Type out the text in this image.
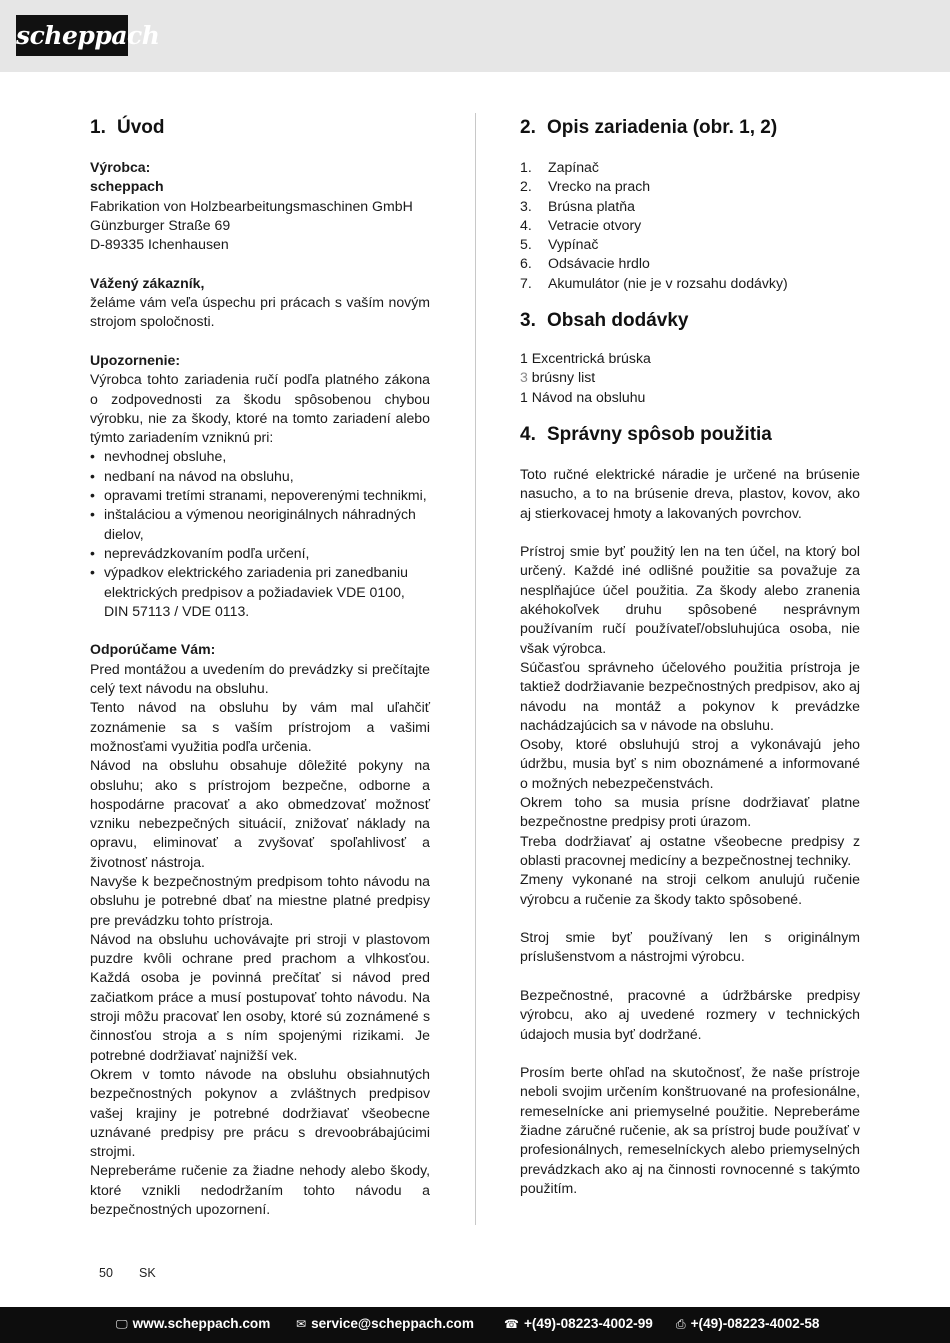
scheppach
1. Úvod
Výrobca:
scheppach
Fabrikation von Holzbearbeitungsmaschinen GmbH
Günzburger Straße 69
D-89335 Ichenhausen
Vážený zákazník,
želáme vám veľa úspechu pri prácach s vaším novým strojom spoločnosti.
Upozornenie:
Výrobca tohto zariadenia ručí podľa platného zákona o zodpovednosti za škodu spôsobenou chybou výrobku, nie za škody, ktoré na tomto zariadení alebo týmto zariadením vzniknú pri:
• nevhodnej obsluhe,
• nedbaní na návod na obsluhu,
• opravami tretími stranami, nepoverenými technikmi,
• inštaláciou a výmenou neoriginálnych náhradných dielov,
• neprevádzkovaním podľa určení,
• výpadkov elektrického zariadenia pri zanedbaniu elektrických predpisov a požiadaviek VDE 0100, DIN 57113 / VDE 0113.
Odporúčame Vám:
Pred montážou a uvedením do prevádzky si prečítajte celý text návodu na obsluhu.
Tento návod na obsluhu by vám mal uľahčiť zoznámenie sa s vaším prístrojom a vašimi možnosťami využitia podľa určenia.
Návod na obsluhu obsahuje dôležité pokyny na obsluhu; ako s prístrojom bezpečne, odborne a hospodárne pracovať a ako obmedzovať možnosť vzniku nebezpečných situácií, znižovať náklady na opravu, eliminovať a zvyšovať spoľahlivosť a životnosť nástroja.
Navyše k bezpečnostným predpisom tohto návodu na obsluhu je potrebné dbať na miestne platné predpisy pre prevádzku tohto prístroja.
Návod na obsluhu uchovávajte pri stroji v plastovom puzdre kvôli ochrane pred prachom a vlhkosťou. Každá osoba je povinná prečítať si návod pred začiatkom práce a musí postupovať tohto návodu. Na stroji môžu pracovať len osoby, ktoré sú zoznámené s činnosťou stroja a s ním spojenými rizikami. Je potrebné dodržiavať najnižší vek.
Okrem v tomto návode na obsluhu obsiahnutých bezpečnostných pokynov a zvláštnych predpisov vašej krajiny je potrebné dodržiavať všeobecne uznávané predpisy pre prácu s drevoobrábajúcimi strojmi.
Nepreberáme ručenie za žiadne nehody alebo škody, ktoré vznikli nedodržaním tohto návodu a bezpečnostných upozornení.
2. Opis zariadenia (obr. 1, 2)
1. Zapínač
2. Vrecko na prach
3. Brúsna platňa
4. Vetracie otvory
5. Vypínač
6. Odsávacie hrdlo
7. Akumulátor (nie je v rozsahu dodávky)
3. Obsah dodávky
1 Excentrická brúska
3 brúsny list
1 Návod na obsluhu
4. Správny spôsob použitia
Toto ručné elektrické náradie je určené na brúsenie nasucho, a to na brúsenie dreva, plastov, kovov, ako aj stierkovacej hmoty a lakovaných povrchov.
Prístroj smie byť použitý len na ten účel, na ktorý bol určený. Každé iné odlišné použitie sa považuje za nesplňajúce účel použitia. Za škody alebo zranenia akéhokoľvek druhu spôsobené nesprávnym používaním ručí používateľ/obsluhujúca osoba, nie však výrobca.
Súčasťou správneho účelového použitia prístroja je taktiež dodržiavanie bezpečnostných predpisov, ako aj návodu na montáž a pokynov k prevádzke nachádzajúcich sa v návode na obsluhu.
Osoby, ktoré obsluhujú stroj a vykonávajú jeho údržbu, musia byť s nim oboznámené a informované o možných nebezpečenstvách.
Okrem toho sa musia prísne dodržiavať platne bezpečnostne predpisy proti úrazom.
Treba dodržiavať aj ostatne všeobecne predpisy z oblasti pracovnej medicíny a bezpečnostnej techniky.
Zmeny vykonané na stroji celkom anulujú ručenie výrobcu a ručenie za škody takto spôsobené.
Stroj smie byť používaný len s originálnym príslušenstvom a nástrojmi výrobcu.
Bezpečnostné, pracovné a údržbárske predpisy výrobcu, ako aj uvedené rozmery v technických údajoch musia byť dodržané.
Prosím berte ohľad na skutočnosť, že naše prístroje neboli svojim určením konštruované na profesionálne, remeselnícke ani priemyselné použitie. Nepreberáme žiadne záručné ručenie, ak sa prístroj bude používať v profesionálnych, remeselníckych alebo priemyselných prevádzkach ako aj na činnosti rovnocenné s takýmto použitím.
50 SK
🖵 www.scheppach.com ✉ service@scheppach.com	☎ +(49)-08223-4002-99 ⎙ +(49)-08223-4002-58
